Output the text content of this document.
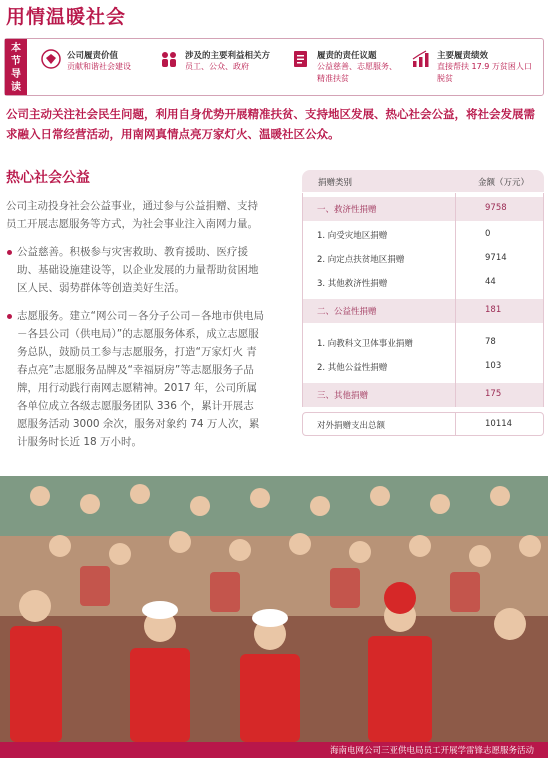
用情温暖社会
本
节
导
读
公司履责价值
贡献和谐社会建设
涉及的主要利益相关方
员工、公众、政府
履责的责任议题
公益慈善、志愿服务、
精准扶贫
主要履责绩效
直接帮扶 17.9 万贫困人口
脱贫
公司主动关注社会民生问题，利用自身优势开展精准扶贫、支持地区发展、热心社会公益，将社会发展需求融入日常经营活动，用南网真情点亮万家灯火、温暖社区公众。
热心社会公益
公司主动投身社会公益事业，通过参与公益捐赠、支持员工开展志愿服务等方式，为社会事业注入南网力量。
公益慈善。积极参与灾害救助、教育援助、医疗援助、基础设施建设等，以企业发展的力量帮助贫困地区人民、弱势群体等创造美好生活。
志愿服务。建立“网公司－各分子公司－各地市供电局－各县公司（供电局）”的志愿服务体系，成立志愿服务总队，鼓励员工参与志愿服务，打造“万家灯火 青春点亮”志愿服务品牌及“幸福厨房”等志愿服务子品牌，用行动践行南网志愿精神。2017 年，公司所属各单位成立各级志愿服务团队 336 个，累计开展志愿服务活动 3000 余次，服务对象约 74 万人次，累计服务时长近 18 万小时。
捐赠类别	金额（万元）
一、救济性捐赠	9758
1. 向受灾地区捐赠	0
2. 向定点扶贫地区捐赠	9714
3. 其他救济性捐赠	44
二、公益性捐赠	181
1. 向教科文卫体事业捐赠	78
2. 其他公益性捐赠	103
三、其他捐赠	175
对外捐赠支出总额	10114
海南电网公司三亚供电局员工开展学雷锋志愿服务活动
